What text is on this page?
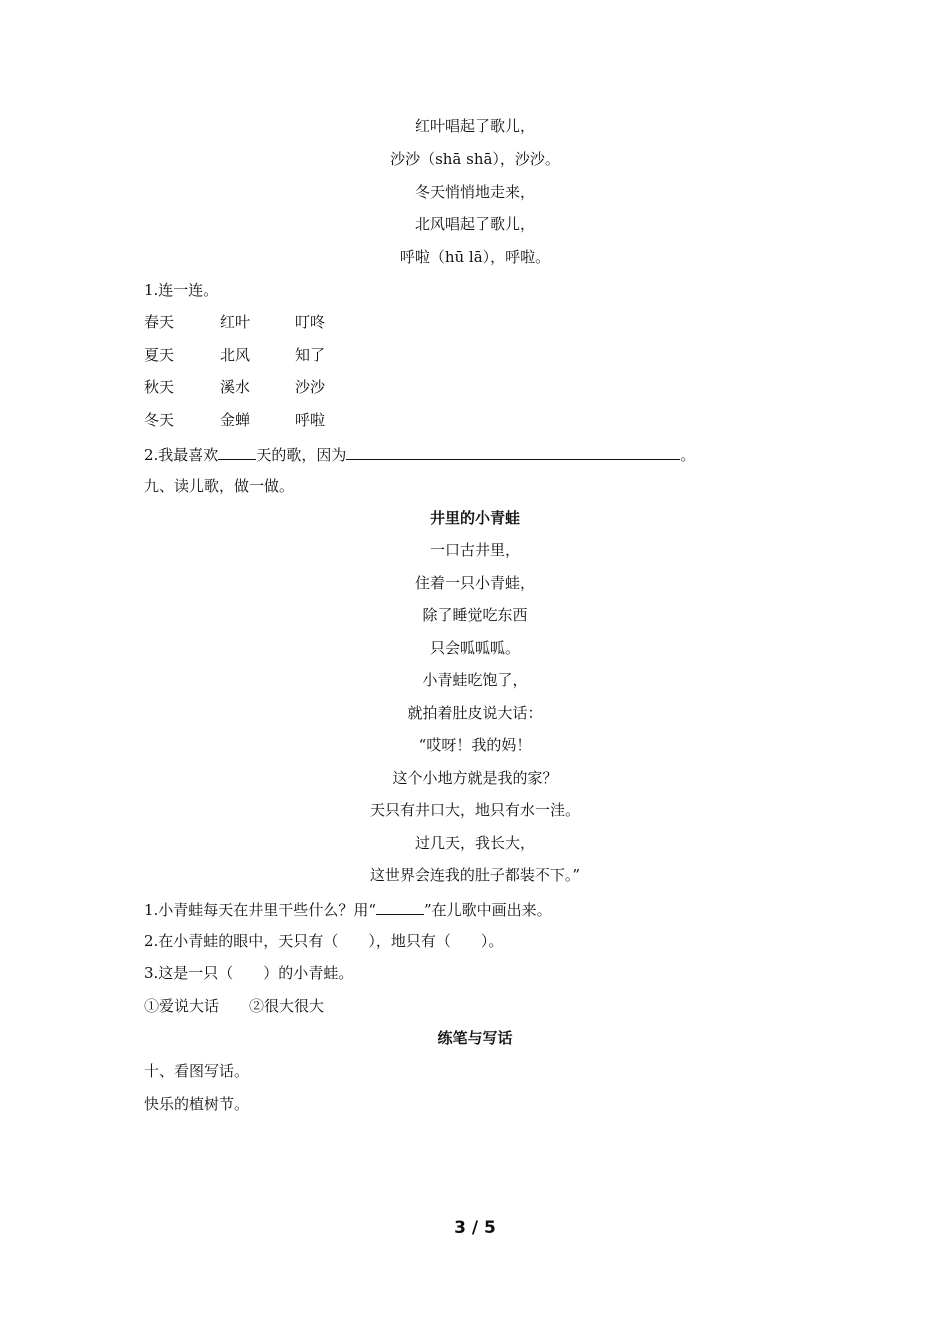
红叶唱起了歌儿，
沙沙（shā shā），沙沙。
冬天悄悄地走来，
北风唱起了歌儿，
呼啦（hū lā），呼啦。
1.连一连。
春天	红叶	叮咚
夏天	北风	知了
秋天	溪水	沙沙
冬天	金蝉	呼啦
2.我最喜欢	天的歌，因为	。
九、读儿歌，做一做。
井里的小青蛙
一口古井里，
住着一只小青蛙，
除了睡觉吃东西
只会呱呱呱。
小青蛙吃饱了，
就拍着肚皮说大话：
“哎呀！我的妈！
这个小地方就是我的家？
天只有井口大，地只有水一洼。
过几天，我长大，
这世界会连我的肚子都装不下。”
1.小青蛙每天在井里干些什么？用“	”在儿歌中画出来。
2.在小青蛙的眼中，天只有（　　），地只有（　　）。
3.这是一只（　　）的小青蛙。
①爱说大话　　②很大很大
练笔与写话
十、看图写话。
快乐的植树节。
3 / 5
